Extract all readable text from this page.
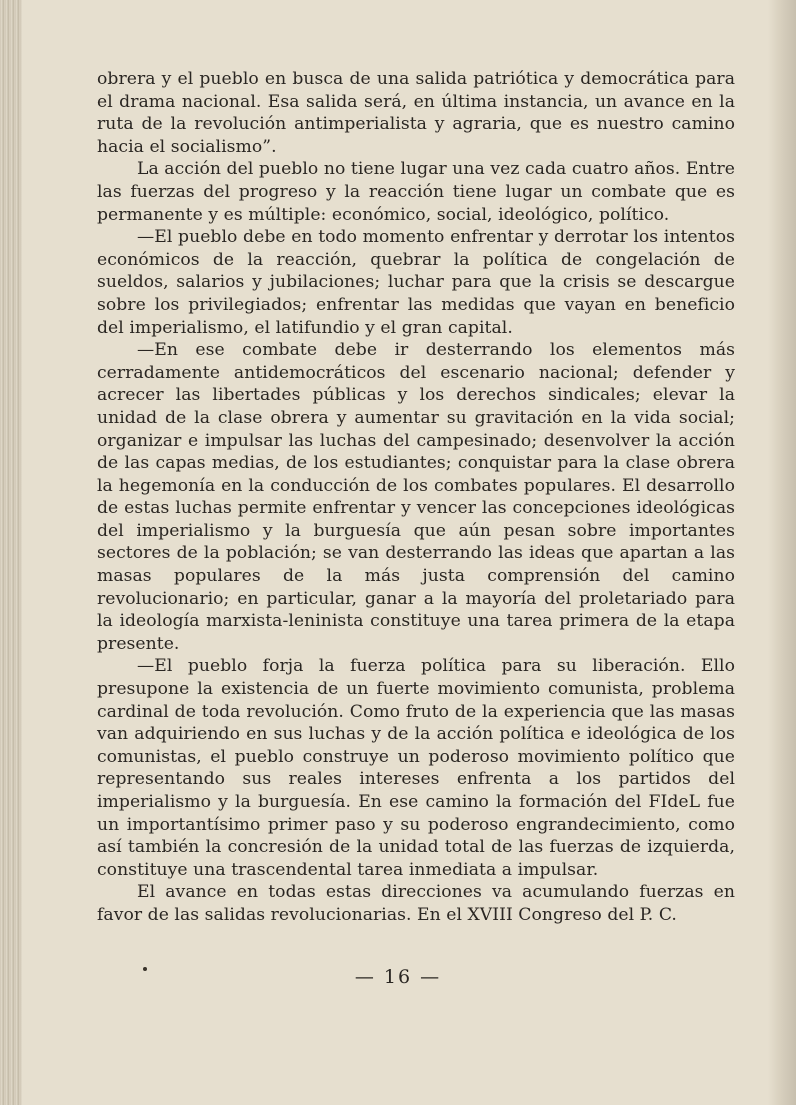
obrera y el pueblo en busca de una salida patriótica y democrática para el drama nacional. Esa salida será, en última instancia, un avance en la ruta de la revolución antimperialista y agraria, que es nuestro camino hacia el socialismo”.

La acción del pueblo no tiene lugar una vez cada cuatro años. Entre las fuerzas del progreso y la reacción tiene lugar un combate que es permanente y es múltiple: económico, social, ideológico, político.

—El pueblo debe en todo momento enfrentar y derrotar los intentos económicos de la reacción, quebrar la política de congelación de sueldos, salarios y jubilaciones; luchar para que la crisis se descargue sobre los privilegiados; enfrentar las medidas que vayan en beneficio del imperialismo, el latifundio y el gran capital.

—En ese combate debe ir desterrando los elementos más cerradamente antidemocráticos del escenario nacional; defender y acrecer las libertades públicas y los derechos sindicales; elevar la unidad de la clase obrera y aumentar su gravitación en la vida social; organizar e impulsar las luchas del campesinado; desenvolver la acción de las capas medias, de los estudiantes; conquistar para la clase obrera la hegemonía en la conducción de los combates populares. El desarrollo de estas luchas permite enfrentar y vencer las concepciones ideológicas del imperialismo y la burguesía que aún pesan sobre importantes sectores de la población; se van desterrando las ideas que apartan a las masas populares de la más justa comprensión del camino revolucionario; en particular, ganar a la mayoría del proletariado para la ideología marxista-leninista constituye una tarea primera de la etapa presente.

—El pueblo forja la fuerza política para su liberación. Ello presupone la existencia de un fuerte movimiento comunista, problema cardinal de toda revolución. Como fruto de la experiencia que las masas van adquiriendo en sus luchas y de la acción política e ideológica de los comunistas, el pueblo construye un poderoso movimiento político que representando sus reales intereses enfrenta a los partidos del imperialismo y la burguesía. En ese camino la formación del FIdeL fue un importantísimo primer paso y su poderoso engrandecimiento, como así también la concresión de la unidad total de las fuerzas de izquierda, constituye una trascendental tarea inmediata a impulsar.

El avance en todas estas direcciones va acumulando fuerzas en favor de las salidas revolucionarias. En el XVIII Congreso del P. C.

— 16 —
